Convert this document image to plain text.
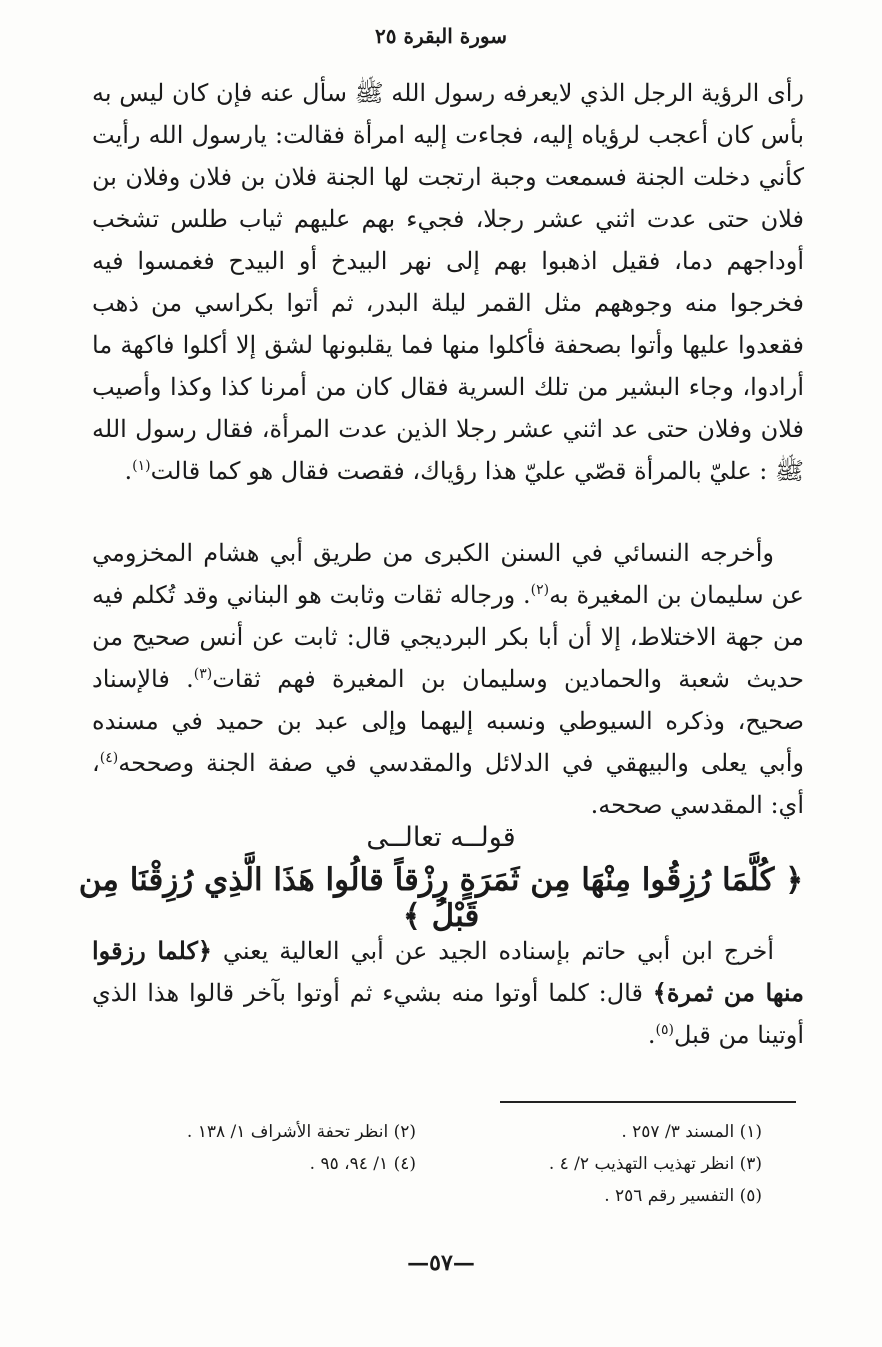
سورة البقرة ٢٥
رأى الرؤية الرجل الذي لايعرفه رسول الله ﷺ سأل عنه فإن كان ليس به بأس كان أعجب لرؤياه إليه، فجاءت إليه امرأة فقالت: يارسول الله رأيت كأني دخلت الجنة فسمعت وجبة ارتجت لها الجنة فلان بن فلان وفلان بن فلان حتى عدت اثني عشر رجلا، فجيء بهم عليهم ثياب طلس تشخب أوداجهم دما، فقيل اذهبوا بهم إلى نهر البيدخ أو البيدح فغمسوا فيه فخرجوا منه وجوههم مثل القمر ليلة البدر، ثم أتوا بكراسي من ذهب فقعدوا عليها وأتوا بصحفة فأكلوا منها فما يقلبونها لشق إلا أكلوا فاكهة ما أرادوا، وجاء البشير من تلك السرية فقال كان من أمرنا كذا وكذا وأصيب فلان وفلان حتى عد اثني عشر رجلا الذين عدت المرأة، فقال رسول الله ﷺ : عليّ بالمرأة قصّي عليّ هذا رؤياك، فقصت فقال هو كما قالت$^{(١)}$.
وأخرجه النسائي في السنن الكبرى من طريق أبي هشام المخزومي عن سليمان بن المغيرة به$^{(٢)}$. ورجاله ثقات وثابت هو البناني وقد تُكلم فيه من جهة الاختلاط، إلا أن أبا بكر البرديجي قال: ثابت عن أنس صحيح من حديث شعبة والحمادين وسليمان بن المغيرة فهم ثقات$^{(٣)}$. فالإسناد صحيح، وذكره السيوطي ونسبه إليهما وإلى عبد بن حميد في مسنده وأبي يعلى والبيهقي في الدلائل والمقدسي في صفة الجنة وصححه$^{(٤)}$، أي: المقدسي صححه.
قولــه تعالــى
﴿ كُلَّمَا رُزِقُوا مِنْهَا مِن ثَمَرَةٍ رِزْقاً قالُوا هَذَا الَّذِي رُزِقْنَا مِن قَبْلُ ﴾
أخرج ابن أبي حاتم بإسناده الجيد عن أبي العالية يعني ﴿كلما رزقوا منها من ثمرة﴾ قال: كلما أوتوا منه بشيء ثم أوتوا بآخر قالوا هذا الذي أوتينا من قبل$^{(٥)}$.
(١) المسند ٣/ ٢٥٧ .
(٢) انظر تحفة الأشراف ١/ ١٣٨ .
(٣) انظر تهذيب التهذيب ٢/ ٤ .
(٤) ١/ ٩٤، ٩٥ .
(٥) التفسير رقم ٢٥٦ .
—٥٧—
